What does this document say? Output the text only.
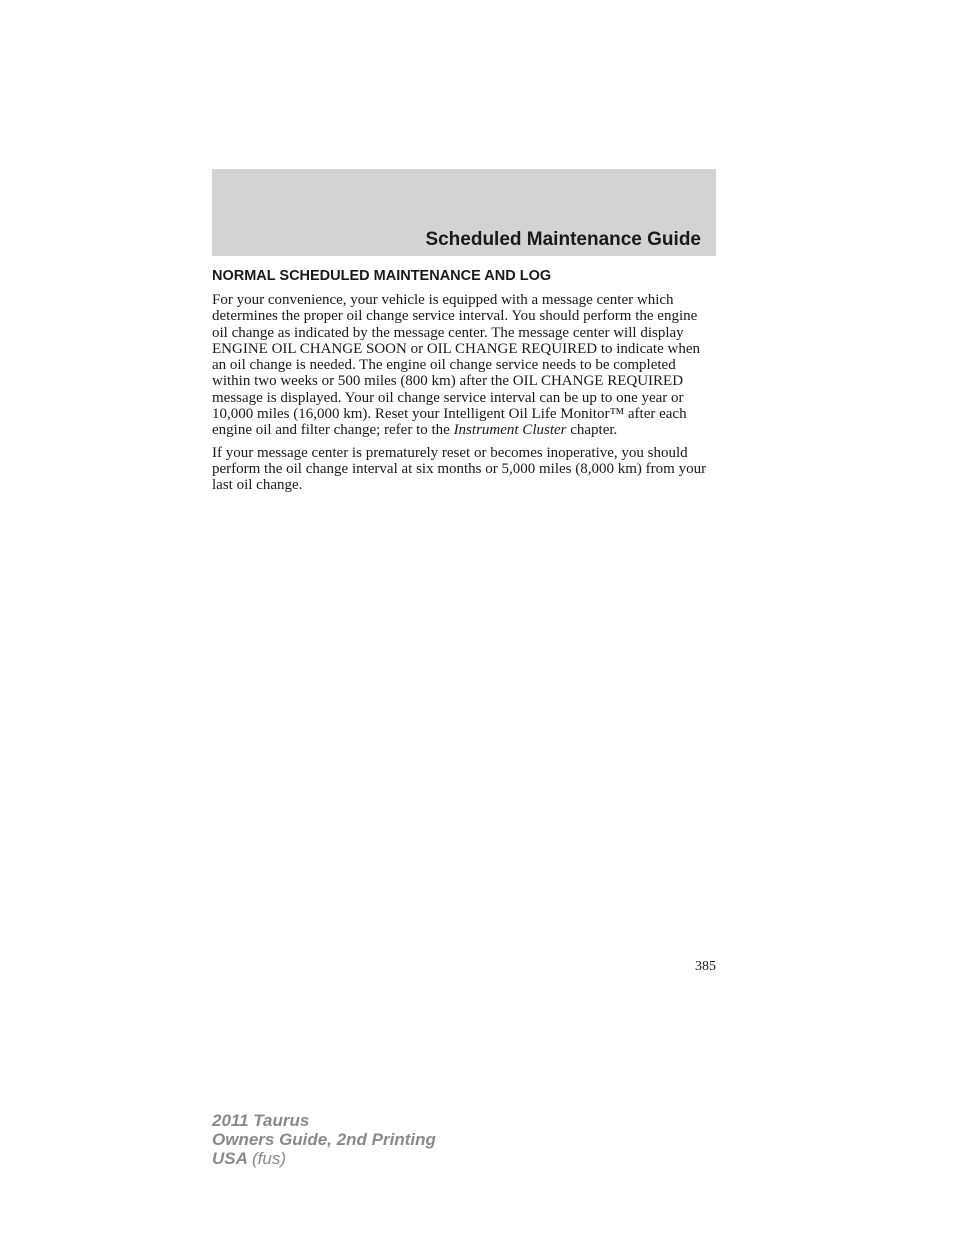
Scheduled Maintenance Guide
NORMAL SCHEDULED MAINTENANCE AND LOG

For your convenience, your vehicle is equipped with a message center which determines the proper oil change service interval. You should perform the engine oil change as indicated by the message center. The message center will display ENGINE OIL CHANGE SOON or OIL CHANGE REQUIRED to indicate when an oil change is needed. The engine oil change service needs to be completed within two weeks or 500 miles (800 km) after the OIL CHANGE REQUIRED message is displayed. Your oil change service interval can be up to one year or 10,000 miles (16,000 km). Reset your Intelligent Oil Life Monitor™ after each engine oil and filter change; refer to the Instrument Cluster chapter.

If your message center is prematurely reset or becomes inoperative, you should perform the oil change interval at six months or 5,000 miles (8,000 km) from your last oil change.

385
2011 Taurus
Owners Guide, 2nd Printing
USA (fus)
